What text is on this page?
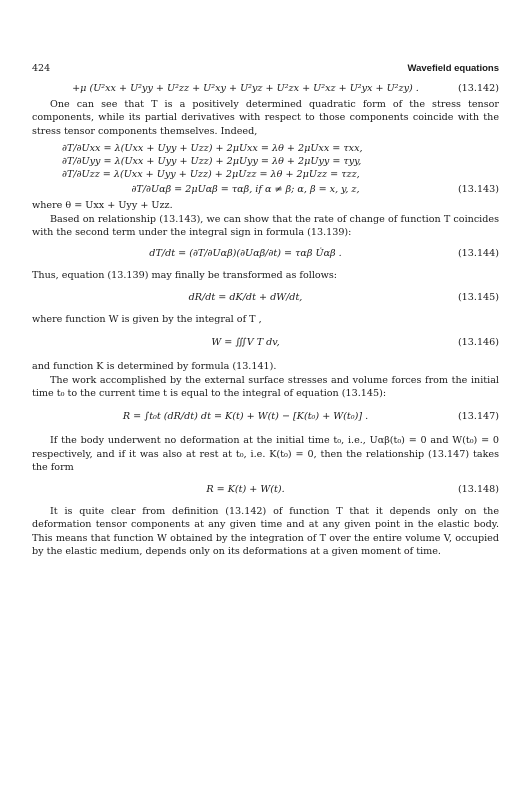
424	Wavefield equations
+μ (U²xx + U²yy + U²zz + U²xy + U²yz + U²zx + U²xz + U²yx + U²zy) .	(13.142)

One can see that T is a positively determined quadratic form of the stress tensor components, while its partial derivatives with respect to those components coincide with the stress tensor components themselves. Indeed,

∂T/∂Uxx = λ(Uxx + Uyy + Uzz) + 2μUxx = λθ + 2μUxx = τxx,
∂T/∂Uyy = λ(Uxx + Uyy + Uzz) + 2μUyy = λθ + 2μUyy = τyy,
∂T/∂Uzz = λ(Uxx + Uyy + Uzz) + 2μUzz = λθ + 2μUzz = τzz,
∂T/∂Uαβ = 2μUαβ = ταβ, if α ≠ β; α, β = x, y, z,	(13.143)

where θ = Uxx + Uyy + Uzz.

Based on relationship (13.143), we can show that the rate of change of function T coincides with the second term under the integral sign in formula (13.139):

dT/dt = (∂T/∂Uαβ)(∂Uαβ/∂t) = ταβ U̇αβ .	(13.144)

Thus, equation (13.139) may finally be transformed as follows:

dR/dt = dK/dt + dW/dt,	(13.145)

where function W is given by the integral of T ,

W = ∭V T dv,	(13.146)

and function K is determined by formula (13.141).

The work accomplished by the external surface stresses and volume forces from the initial time t₀ to the current time t is equal to the integral of equation (13.145):

R = ∫t₀t (dR/dt) dt = K(t) + W(t) − [K(t₀) + W(t₀)] .	(13.147)

If the body underwent no deformation at the initial time t₀, i.e., Uαβ(t₀) = 0 and W(t₀) = 0 respectively, and if it was also at rest at t₀, i.e. K(t₀) = 0, then the relationship (13.147) takes the form

R = K(t) + W(t).	(13.148)

It is quite clear from definition (13.142) of function T that it depends only on the deformation tensor components at any given time and at any given point in the elastic body. This means that function W obtained by the integration of T over the entire volume V, occupied by the elastic medium, depends only on its deformations at a given moment of time.
